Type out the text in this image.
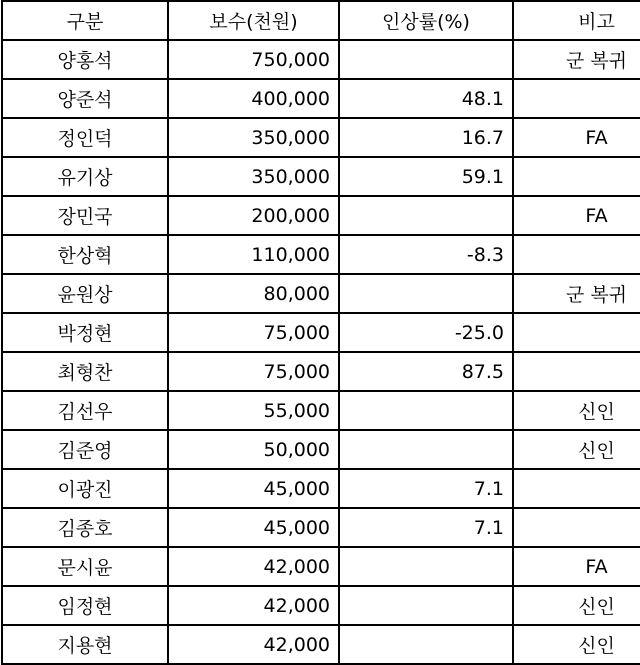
구분	보수(천원)	인상률(%)	비고
양홍석	750,000		군 복귀
양준석	400,000	48.1	
정인덕	350,000	16.7	FA
유기상	350,000	59.1	
장민국	200,000		FA
한상혁	110,000	-8.3	
윤원상	80,000		군 복귀
박정현	75,000	-25.0	
최형찬	75,000	87.5	
김선우	55,000		신인
김준영	50,000		신인
이광진	45,000	7.1	
김종호	45,000	7.1	
문시윤	42,000		FA
임정현	42,000		신인
지용현	42,000		신인
